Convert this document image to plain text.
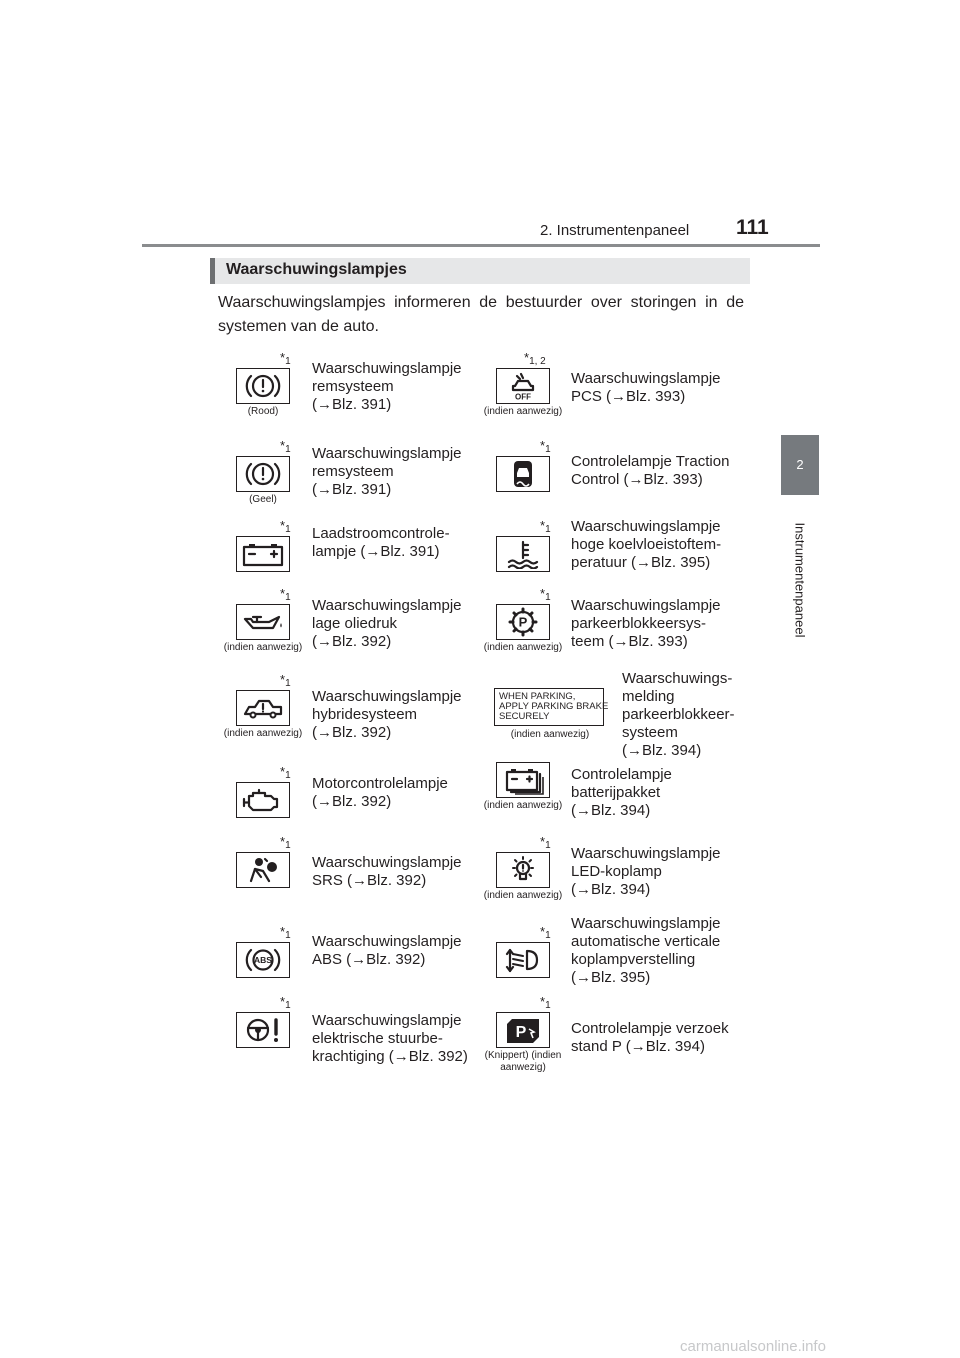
2. Instrumentenpaneel 111
2
Instrumentenpaneel
Waarschuwingslampjes
Waarschuwingslampjes informeren de bestuurder over storingen in de systemen van de auto.
$*_1$
(Rood)
Waarschuwingslampje
remsysteem
(→Blz. 391)
$*_1$
(Geel)
Waarschuwingslampje
remsysteem
(→Blz. 391)
$*_1$ Laadstroomcontrole-
lampje (→Blz. 391)
$*_1$
(indien aanwezig)
Waarschuwingslampje
lage oliedruk
(→Blz. 392)
$*_1$
(indien aanwezig)
Waarschuwingslampje
hybridesysteem
(→Blz. 392)
$*_1$ Motorcontrolelampje
(→Blz. 392)
$*_1$
Waarschuwingslampje
SRS (→Blz. 392)
ABS
$*_1$ Waarschuwingslampje
ABS (→Blz. 392)
$*_1$
Waarschuwingslampje
elektrische stuurbe-
krachtiging (→Blz. 392)
OFF
$*_{1, 2}$
(indien aanwezig)
Waarschuwingslampje
PCS (→Blz. 393)
$*_1$
Controlelampje Traction
Control (→Blz. 393)
$*_1$ Waarschuwingslampje
hoge koelvloeistoftem-
peratuur (→Blz. 395)
P
$*_1$
(indien aanwezig)
Waarschuwingslampje
parkeerblokkeersys-
teem (→Blz. 393)
WHEN PARKING,
APPLY PARKING BRAKE
SECURELY
(indien aanwezig)
Waarschuwings-
melding
parkeerblokkeer-
systeem
(→Blz. 394)
(indien aanwezig)
Controlelampje
batterijpakket
(→Blz. 394)
$*_1$
(indien aanwezig)
Waarschuwingslampje
LED-koplamp
(→Blz. 394)
$*_1$
Waarschuwingslampje
automatische verticale
koplampverstelling
(→Blz. 395)
P
$*_1$
(Knippert) (indien aanwezig)
Controlelampje verzoek
stand P (→Blz. 394)
carmanualsonline.info
